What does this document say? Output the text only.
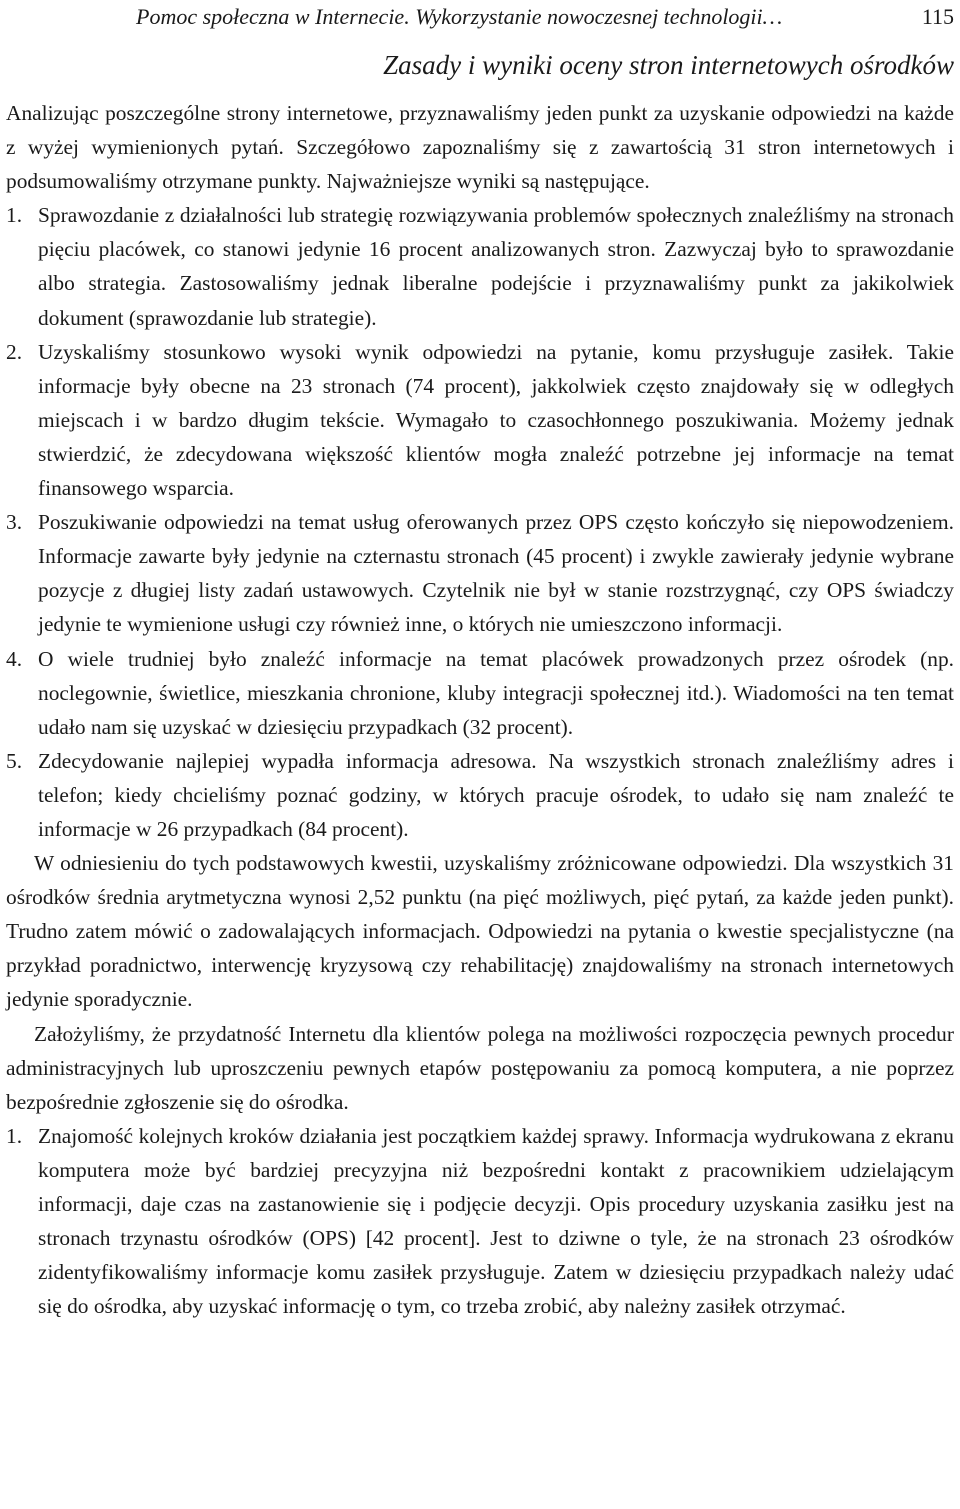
Pomoc społeczna w Internecie. Wykorzystanie nowoczesnej technologii…	115
Zasady i wyniki oceny stron internetowych ośrodków

Analizując poszczególne strony internetowe, przyznawaliśmy jeden punkt za uzyskanie odpowiedzi na każde z wyżej wymienionych pytań. Szczegółowo zapoznaliśmy się z zawartością 31 stron internetowych i podsumowaliśmy otrzymane punkty. Najważniejsze wyniki są następujące.

1. Sprawozdanie z działalności lub strategię rozwiązywania problemów społecznych znaleźliśmy na stronach pięciu placówek, co stanowi jedynie 16 procent analizowanych stron. Zazwyczaj było to sprawozdanie albo strategia. Zastosowaliśmy jednak liberalne podejście i przyznawaliśmy punkt za jakikolwiek dokument (sprawozdanie lub strategie).
2. Uzyskaliśmy stosunkowo wysoki wynik odpowiedzi na pytanie, komu przysługuje zasiłek. Takie informacje były obecne na 23 stronach (74 procent), jakkolwiek często znajdowały się w odległych miejscach i w bardzo długim tekście. Wymagało to czasochłonnego poszukiwania. Możemy jednak stwierdzić, że zdecydowana większość klientów mogła znaleźć potrzebne jej informacje na temat finansowego wsparcia.
3. Poszukiwanie odpowiedzi na temat usług oferowanych przez OPS często kończyło się niepowodzeniem. Informacje zawarte były jedynie na czternastu stronach (45 procent) i zwykle zawierały jedynie wybrane pozycje z długiej listy zadań ustawowych. Czytelnik nie był w stanie rozstrzygnąć, czy OPS świadczy jedynie te wymienione usługi czy również inne, o których nie umieszczono informacji.
4. O wiele trudniej było znaleźć informacje na temat placówek prowadzonych przez ośrodek (np. noclegownie, świetlice, mieszkania chronione, kluby integracji społecznej itd.). Wiadomości na ten temat udało nam się uzyskać w dziesięciu przypadkach (32 procent).
5. Zdecydowanie najlepiej wypadła informacja adresowa. Na wszystkich stronach znaleźliśmy adres i telefon; kiedy chcieliśmy poznać godziny, w których pracuje ośrodek, to udało się nam znaleźć te informacje w 26 przypadkach (84 procent).

W odniesieniu do tych podstawowych kwestii, uzyskaliśmy zróżnicowane odpowiedzi. Dla wszystkich 31 ośrodków średnia arytmetyczna wynosi 2,52 punktu (na pięć możliwych, pięć pytań, za każde jeden punkt). Trudno zatem mówić o zadowalających informacjach. Odpowiedzi na pytania o kwestie specjalistyczne (na przykład poradnictwo, interwencję kryzysową czy rehabilitację) znajdowaliśmy na stronach internetowych jedynie sporadycznie.

Założyliśmy, że przydatność Internetu dla klientów polega na możliwości rozpoczęcia pewnych procedur administracyjnych lub uproszczeniu pewnych etapów postępowaniu za pomocą komputera, a nie poprzez bezpośrednie zgłoszenie się do ośrodka.

1. Znajomość kolejnych kroków działania jest początkiem każdej sprawy. Informacja wydrukowana z ekranu komputera może być bardziej precyzyjna niż bezpośredni kontakt z pracownikiem udzielającym informacji, daje czas na zastanowienie się i podjęcie decyzji. Opis procedury uzyskania zasiłku jest na stronach trzynastu ośrodków (OPS) [42 procent]. Jest to dziwne o tyle, że na stronach 23 ośrodków zidentyfikowaliśmy informacje komu zasiłek przysługuje. Zatem w dziesięciu przypadkach należy udać się do ośrodka, aby uzyskać informację o tym, co trzeba zrobić, aby należny zasiłek otrzymać.
